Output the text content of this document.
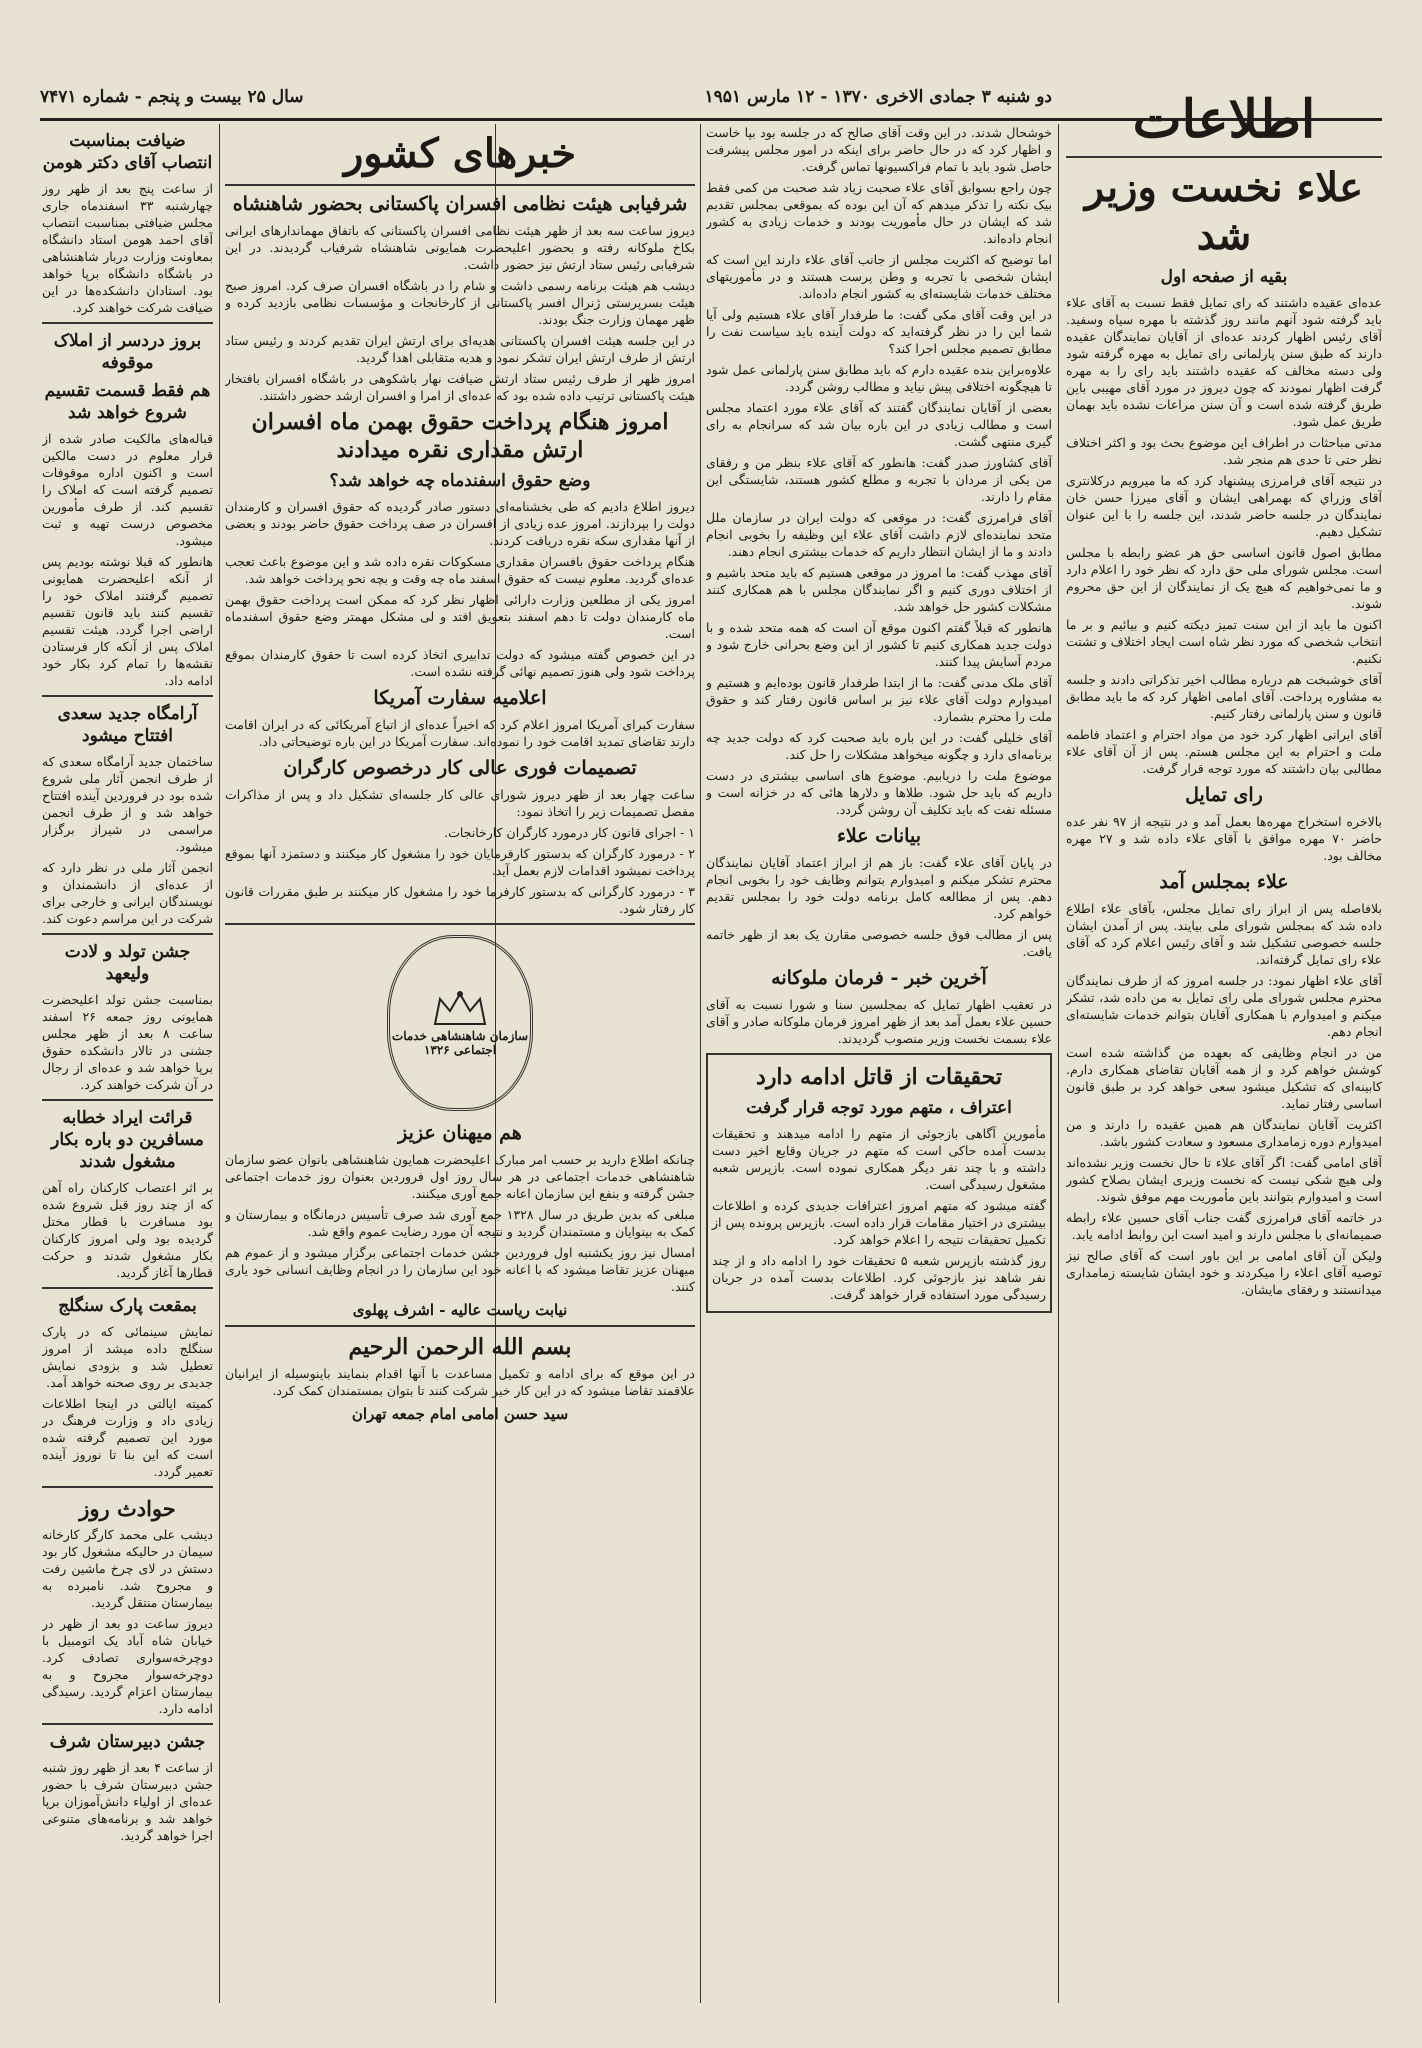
دو شنبه ۳ جمادی الاخری ۱۳۷۰ - ۱۲ مارس ۱۹۵۱
سال ۲۵ بیست و پنجم - شماره ۷۴۷۱	اطلاعات
علاء نخست وزیر شد
بقیه از صفحه اول

عده‌ای عقیده داشتند که رای تمایل فقط نسبت به آقای علاء باید گرفته شود آنهم مانند روز گذشته با مهره سیاه وسفید. آقای رئیس اظهار کردند عده‌ای از آقایان نمایندگان عقیده دارند که طبق سنن پارلمانی رای تمایل به مهره گرفته شود ولی دسته مخالف که عقیده داشتند باید رای را به مهره گرفت اظهار نمودند که چون دیروز در مورد آقای مهیبی باین طریق گرفته شده است و آن سنن مراعات نشده باید بهمان طریق عمل شود.

مدتی مباحثات در اطراف این موضوع بحث بود و اکثر اختلاف نظر حتی تا حدی هم منجر شد.

در نتیجه آقای فرامرزی پیشنهاد کرد که ما میرویم درکلانتری آقای وزراي که بهمراهی ایشان و آقای میرزا حسن خان نمایندگان در جلسه حاضر شدند، این جلسه را با این عنوان تشکیل دهیم.

مطابق اصول قانون اساسی حق هر عضو رابطه با مجلس است. مجلس شورای ملی حق دارد که نظر خود را اعلام دارد و ما نمی‌خواهیم که هیچ یک از نمایندگان از این حق محروم شوند.

اکنون ما باید از این سنت تمیز دیکته کنیم و بیائیم و بر ما انتخاب شخصی که مورد نظر شاه است ایجاد اختلاف و تشتت نکنیم.

آقای خوشبخت هم درباره مطالب اخیر تذکراتی دادند و جلسه به مشاوره پرداخت. آقای امامی اظهار کرد که ما باید مطابق قانون و سنن پارلمانی رفتار کنیم.

آقای ایرانی اظهار کرد خود من مواد احترام و اعتماد فاطمه ملت و احترام به این مجلس هستم. پس از آن آقای علاء مطالبی بیان داشتند که مورد توجه قرار گرفت.

رای تمایل

بالاخره استخراج مهره‌ها بعمل آمد و در نتیجه از ۹۷ نفر عده حاضر ۷۰ مهره موافق با آقای علاء داده شد و ۲۷ مهره مخالف بود.

علاء بمجلس آمد

بلافاصله پس از ابراز رای تمایل مجلس، بآقای علاء اطلاع داده شد که بمجلس شورای ملی بیایند. پس از آمدن ایشان جلسه خصوصی تشکیل شد و آقای رئیس اعلام کرد که آقای علاء رای تمایل گرفته‌اند.

آقای علاء اظهار نمود: در جلسه امروز که از طرف نمایندگان محترم مجلس شورای ملی رای تمایل به من داده شد، تشکر میکنم و امیدوارم با همکاری آقایان بتوانم خدمات شایسته‌ای انجام دهم.

من در انجام وظایفی که بعهده من گذاشته شده است کوشش خواهم کرد و از همه آقایان تقاضای همکاری دارم. کابینه‌ای که تشکیل میشود سعی خواهد کرد بر طبق قانون اساسی رفتار نماید.

اکثریت آقایان نمایندگان هم همین عقیده را دارند و من امیدوارم دوره زمامداری مسعود و سعادت کشور باشد.

آقای امامی گفت: اگر آقای علاء تا حال نخست وزیر نشده‌اند ولی هیچ شکی نیست که نخست وزیری ایشان بصلاح کشور است و امیدوارم بتوانند باین مأموریت مهم موفق شوند.

در خاتمه آقای فرامرزی گفت جناب آقای حسین علاء رابطه صمیمانه‌ای با مجلس دارند و امید است این روابط ادامه یابد.

ولیکن آن آقای امامی بر این باور است که آقای صالح نیز توصیه آقای اعلاء را میکردند و خود ایشان شایسته زمامداری میدانستند و رفقای مایشان.

خوشحال شدند. در این وقت آقای صالح که در جلسه بود بپا خاست و اظهار کرد که در حال حاضر برای اینکه در امور مجلس پیشرفت حاصل شود باید با تمام فراکسیونها تماس گرفت.

چون راجع بسوابق آقای علاء صحبت زیاد شد صحبت من کمی فقط بیک نکته را تذکر میدهم که آن این بوده که بموقعی بمجلس تقدیم شد که ایشان در حال مأموریت بودند و خدمات زیادی به کشور انجام داده‌اند.

اما توضیح که اکثریت مجلس از جانب آقای علاء دارند این است که ایشان شخصی با تجربه و وطن پرست هستند و در مأموریتهای مختلف خدمات شایسته‌ای به کشور انجام داده‌اند.

در این وقت آقای مکی گفت: ما طرفدار آقای علاء هستیم ولی آیا شما این را در نظر گرفته‌اید که دولت آینده باید سیاست نفت را مطابق تصمیم مجلس اجرا کند؟

علاوه‌براین بنده عقیده دارم که باید مطابق سنن پارلمانی عمل شود تا هیچگونه اختلافی پیش نیاید و مطالب روشن گردد.

بعضی از آقایان نمایندگان گفتند که آقای علاء مورد اعتماد مجلس است و مطالب زیادی در این باره بیان شد که سرانجام به رای گیری منتهی گشت.

آقای کشاورز صدر گفت: هانطور که آقای علاء بنظر من و رفقای من یکی از مردان با تجربه و مطلع کشور هستند، شایستگی این مقام را دارند.

آقای فرامرزی گفت: در موقعی که دولت ایران در سازمان ملل متحد نماینده‌ای لازم داشت آقای علاء این وظیفه را بخوبی انجام دادند و ما از ایشان انتظار داریم که خدمات بیشتری انجام دهند.

آقای مهذب گفت: ما امروز در موقعی هستیم که باید متحد باشیم و از اختلاف دوری کنیم و اگر نمایندگان مجلس با هم همکاری کنند مشکلات کشور حل خواهد شد.

هانطور که قبلاً گفتم اکنون موقع آن است که همه متحد شده و با دولت جدید همکاری کنیم تا کشور از این وضع بحرانی خارج شود و مردم آسایش پیدا کنند.

آقای ملک مدنی گفت: ما از ابتدا طرفدار قانون بوده‌ایم و هستیم و امیدوارم دولت آقای علاء نیز بر اساس قانون رفتار کند و حقوق ملت را محترم بشمارد.

آقای خلیلی گفت: در این باره باید صحبت کرد که دولت جدید چه برنامه‌ای دارد و چگونه میخواهد مشکلات را حل کند.

موضوع ملت را دریابیم. موضوع های اساسی بیشتری در دست داریم که باید حل شود. طلاها و دلارها هائی که در خزانه است و مسئله نفت که باید تکلیف آن روشن گردد.

بیانات علاء

در پایان آقای علاء گفت: باز هم از ابراز اعتماد آقایان نمایندگان محترم تشکر میکنم و امیدوارم بتوانم وظایف خود را بخوبی انجام دهم. پس از مطالعه کامل برنامه دولت خود را بمجلس تقدیم خواهم کرد.

پس از مطالب فوق جلسه خصوصی مقارن یک بعد از ظهر خاتمه یافت.

آخرین خبر - فرمان ملوکانه

در تعقیب اظهار تمایل که بمجلسین سنا و شورا نسبت به آقای حسین علاء بعمل آمد بعد از ظهر امروز فرمان ملوکانه صادر و آقای علاء بسمت نخست وزیر منصوب گردیدند.

تحقیقات از قاتل ادامه دارد
اعتراف ، متهم مورد توجه قرار گرفت

مأمورین آگاهی بازجوئی از متهم را ادامه میدهند و تحقیقات بدست آمده حاکی است که متهم در جریان وقایع اخیر دست داشته و با چند نفر دیگر همکاری نموده است. بازپرس شعبه مشغول رسیدگی است.

گفته میشود که متهم امروز اعترافات جدیدی کرده و اطلاعات بیشتری در اختیار مقامات قرار داده است. بازپرس پرونده پس از تکمیل تحقیقات نتیجه را اعلام خواهد کرد.

روز گذشته بازپرس شعبه ۵ تحقیقات خود را ادامه داد و از چند نفر شاهد نیز بازجوئی کرد. اطلاعات بدست آمده در جریان رسیدگی مورد استفاده قرار خواهد گرفت.

خبرهای کشور
شرفیابی هیئت نظامی افسران پاکستانی بحضور شاهنشاه

دیروز ساعت سه بعد از ظهر هیئت نظامی افسران پاکستانی که باتفاق مهماندارهای ایرانی بکاخ ملوکانه رفته و بحضور اعلیحضرت همایونی شاهنشاه شرفیاب گردیدند. در این شرفیابی رئیس ستاد ارتش نیز حضور داشت.

دیشب هم هیئت برنامه رسمی داشت و شام را در باشگاه افسران صرف کرد. امروز صبح هیئت بسرپرستی ژنرال افسر پاکستانی از کارخانجات و مؤسسات نظامی بازدید کرده و ظهر مهمان وزارت جنگ بودند.

در این جلسه هیئت افسران پاکستانی هدیه‌ای برای ارتش ایران تقدیم کردند و رئیس ستاد ارتش از طرف ارتش ایران تشکر نمود و هدیه متقابلی اهدا گردید.

امروز ظهر از طرف رئیس ستاد ارتش ضیافت نهار باشکوهی در باشگاه افسران بافتخار هیئت پاکستانی ترتیب داده شده بود که عده‌ای از امرا و افسران ارشد حضور داشتند.

امروز هنگام پرداخت حقوق بهمن ماه افسران ارتش مقداری نقره میدادند
وضع حقوق اسفندماه چه خواهد شد؟

دیروز اطلاع دادیم که طی بخشنامه‌ای دستور صادر گردیده که حقوق افسران و کارمندان دولت را بپردازند. امروز عده زیادی از افسران در صف پرداخت حقوق حاضر بودند و بعضی از آنها مقداری سکه نقره دریافت کردند.

هنگام پرداخت حقوق بافسران مقداری مسکوکات نقره داده شد و این موضوع باعث تعجب عده‌ای گردید. معلوم نیست که حقوق اسفند ماه چه وقت و بچه نحو پرداخت خواهد شد.

امروز یکی از مطلعین وزارت دارائی اظهار نظر کرد که ممکن است پرداخت حقوق بهمن ماه کارمندان دولت تا دهم اسفند بتعویق افتد و لی مشکل مهمتر وضع حقوق اسفندماه است.

در این خصوص گفته میشود که دولت تدابیری اتخاذ کرده است تا حقوق کارمندان بموقع پرداخت شود ولی هنوز تصمیم نهائی گرفته نشده است.

اعلامیه سفارت آمریکا

سفارت کبرای آمریکا امروز اعلام کرد که اخیراً عده‌ای از اتباع آمریکائی که در ایران اقامت دارند تقاضای تمدید اقامت خود را نموده‌اند. سفارت آمریکا در این باره توضیحاتی داد.

تصمیمات فوری عالی کار درخصوص کارگران

ساعت چهار بعد از ظهر دیروز شورای عالی کار جلسه‌ای تشکیل داد و پس از مذاکرات مفصل تصمیمات زیر را اتخاذ نمود:

۱ - اجرای قانون کار درمورد کارگران کارخانجات.

۲ - درمورد کارگران که بدستور کارفرمایان خود را مشغول کار میکنند و دستمزد آنها بموقع پرداخت نمیشود اقدامات لازم بعمل آید.

۳ - درمورد کارگرانی که بدستور کارفرما خود را مشغول کار میکنند بر طبق مقررات قانون کار رفتار شود.

سازمان شاهنشاهی خدمات اجتماعی ۱۳۲۶
هم میهنان عزیز

چنانکه اطلاع دارید بر حسب امر مبارک اعلیحضرت همایون شاهنشاهی بانوان عضو سازمان شاهنشاهی خدمات اجتماعی در هر سال روز اول فروردین بعنوان روز خدمات اجتماعی جشن گرفته و بنفع این سازمان اعانه جمع آوری میکنند.

مبلغی که بدین طریق در سال ۱۳۲۸ جمع آوری شد صرف تأسیس درمانگاه و بیمارستان و کمک به بینوایان و مستمندان گردید و نتیجه آن مورد رضایت عموم واقع شد.

امسال نیز روز یکشنبه اول فروردین جشن خدمات اجتماعی برگزار میشود و از عموم هم میهنان عزیز تقاضا میشود که با اعانه خود این سازمان را در انجام وظایف انسانی خود یاری کنند.

نیابت ریاست عالیه - اشرف پهلوی
بسم الله الرحمن الرحیم

در این موقع که برای ادامه و تکمیل مساعدت با آنها اقدام بنمایند باینوسیله از ایرانیان علاقمند تقاضا میشود که در این کار خیر شرکت کنند تا بتوان بمستمندان کمک کرد.

سید حسن امامی امام جمعه تهران
ضیافت بمناسبت انتصاب آقای دکتر هومن

از ساعت پنج بعد از ظهر روز چهارشنبه ۳۳ اسفندماه جاری مجلس ضیافتی بمناسبت انتصاب آقای احمد هومن استاد دانشگاه بمعاونت وزارت دربار شاهنشاهی در باشگاه دانشگاه برپا خواهد بود. استادان دانشکده‌ها در این ضیافت شرکت خواهند کرد.

بروز دردسر از املاک موقوفه
هم فقط قسمت تقسیم شروع خواهد شد

قباله‌های مالکیت صادر شده از قرار معلوم در دست مالکین است و اکنون اداره موقوفات تصمیم گرفته است که املاک را تقسیم کند. از طرف مأمورین مخصوص درست تهیه و ثبت میشود.

هانطور که قبلا نوشته بودیم پس از آنکه اعلیحضرت همایونی تصمیم گرفتند املاک خود را تقسیم کنند باید قانون تقسیم اراضی اجرا گردد. هیئت تقسیم املاک پس از آنکه کار فرستادن نقشه‌ها را تمام کرد بکار خود ادامه داد.

آرامگاه جدید سعدی افتتاح میشود

ساختمان جدید آرامگاه سعدی که از طرف انجمن آثار ملی شروع شده بود در فروردین آینده افتتاح خواهد شد و از طرف انجمن مراسمی در شیراز برگزار میشود.

انجمن آثار ملی در نظر دارد که از عده‌ای از دانشمندان و نویسندگان ایرانی و خارجی برای شرکت در این مراسم دعوت کند.

جشن تولد و لادت ولیعهد

بمناسبت جشن تولد اعلیحضرت همایونی روز جمعه ۲۶ اسفند ساعت ۸ بعد از ظهر مجلس جشنی در تالار دانشکده حقوق برپا خواهد شد و عده‌ای از رجال در آن شرکت خواهند کرد.

قرائت ایراد خطابه مسافرین دو باره بکار مشغول شدند

بر اثر اعتصاب کارکنان راه آهن که از چند روز قبل شروع شده بود مسافرت با قطار مختل گردیده بود ولی امروز کارکنان بکار مشغول شدند و حرکت قطارها آغاز گردید.

بمقعت پارک سنگلج

نمایش سینمائی که در پارک سنگلج داده میشد از امروز تعطیل شد و بزودی نمایش جدیدی بر روی صحنه خواهد آمد.

کمیته ایالتی در اینجا اطلاعات زیادی داد و وزارت فرهنگ در مورد این تصمیم گرفته شده است که این بنا تا نوروز آینده تعمیر گردد.

حوادث روز

دیشب علی محمد کارگر کارخانه سیمان در حالیکه مشغول کار بود دستش در لای چرخ ماشین رفت و مجروح شد. نامبرده به بیمارستان منتقل گردید.

دیروز ساعت دو بعد از ظهر در خیابان شاه آباد یک اتومبیل با دوچرخه‌سواری تصادف کرد. دوچرخه‌سوار مجروح و به بیمارستان اعزام گردید. رسیدگی ادامه دارد.

جشن دبیرستان شرف

از ساعت ۴ بعد از ظهر روز شنبه جشن دبیرستان شرف با حضور عده‌ای از اولیاء دانش‌آموزان برپا خواهد شد و برنامه‌های متنوعی اجرا خواهد گردید.
